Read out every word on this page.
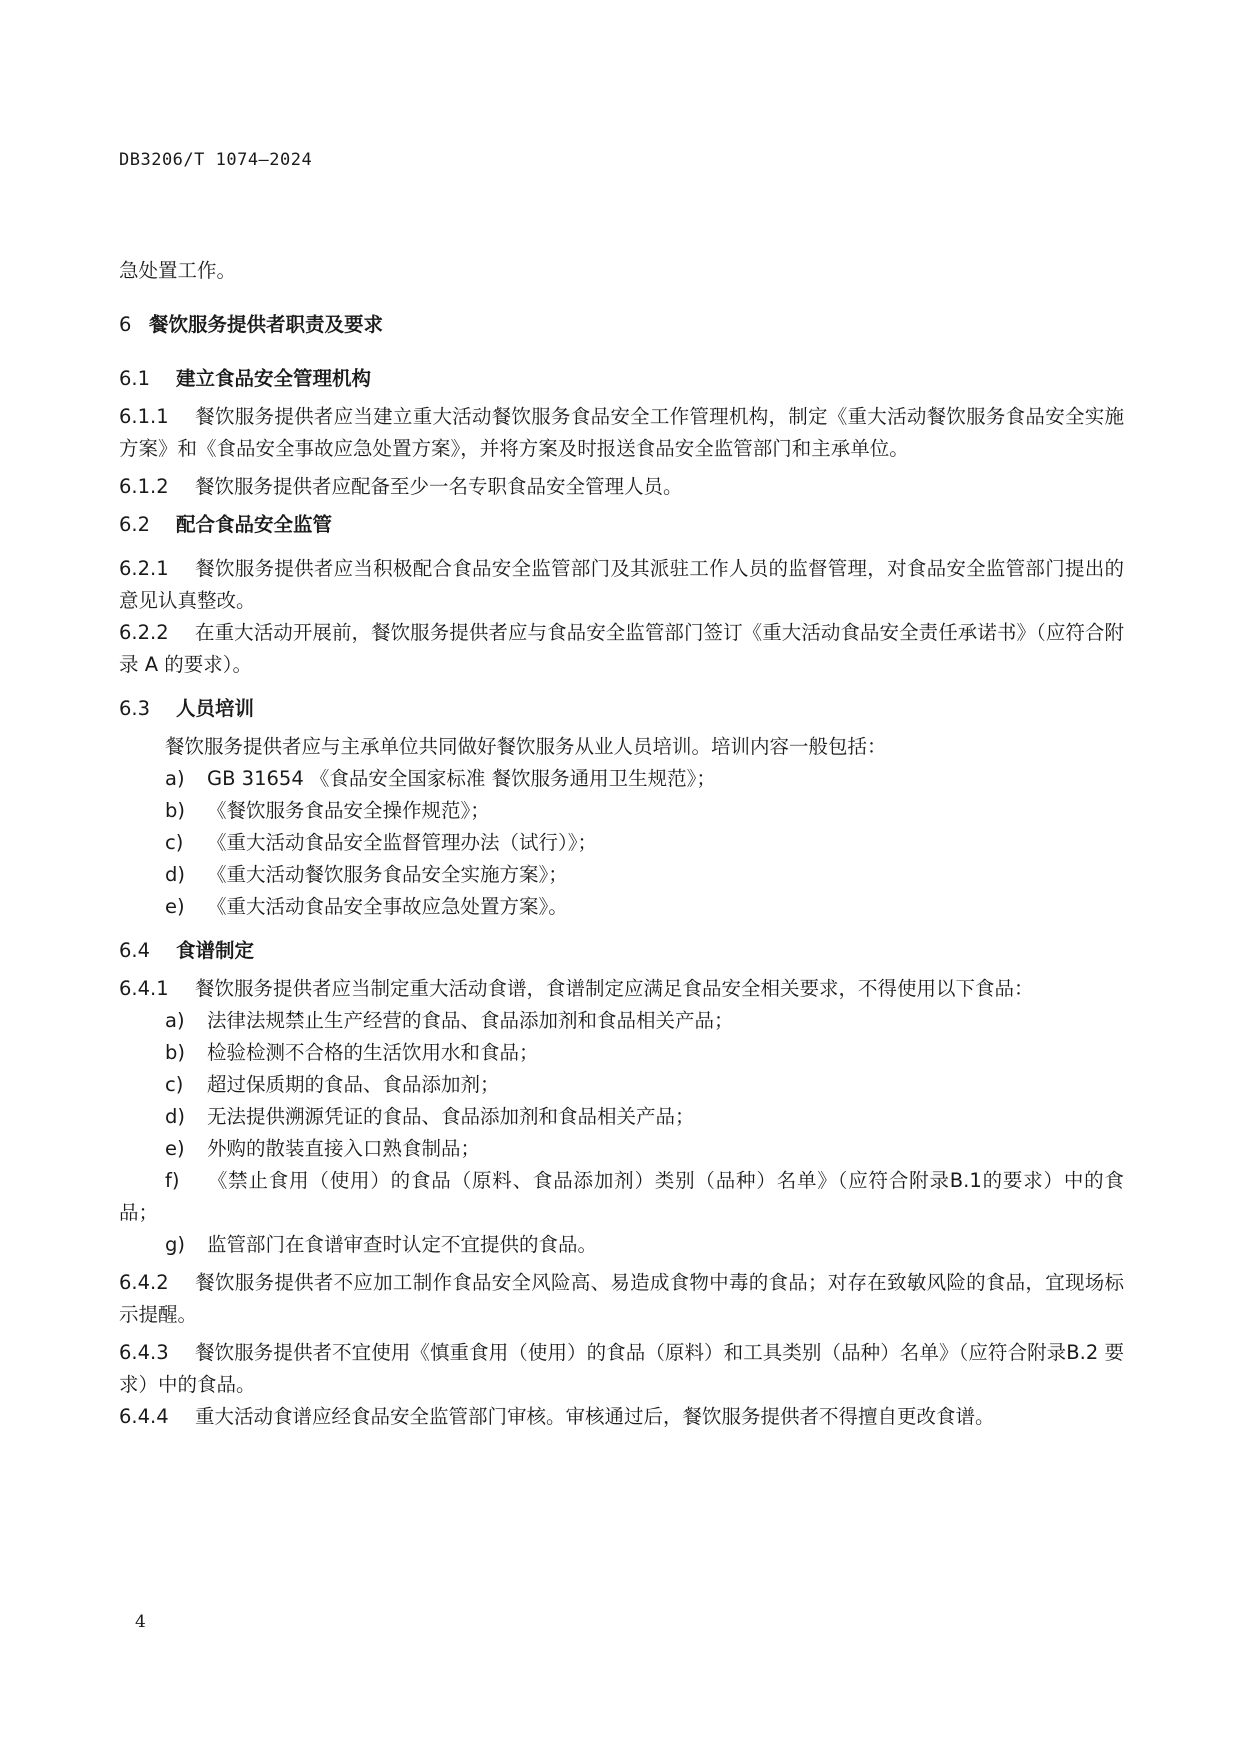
DB3206/T 1074—2024

急处置工作。

6 餐饮服务提供者职责及要求

6.1 建立食品安全管理机构

6.1.1 餐饮服务提供者应当建立重大活动餐饮服务食品安全工作管理机构，制定《重大活动餐饮服务食品安全实施方案》和《食品安全事故应急处置方案》，并将方案及时报送食品安全监管部门和主承单位。

6.1.2 餐饮服务提供者应配备至少一名专职食品安全管理人员。

6.2 配合食品安全监管

6.2.1 餐饮服务提供者应当积极配合食品安全监管部门及其派驻工作人员的监督管理，对食品安全监管部门提出的意见认真整改。

6.2.2 在重大活动开展前，餐饮服务提供者应与食品安全监管部门签订《重大活动食品安全责任承诺书》（应符合附录 A 的要求）。

6.3 人员培训

餐饮服务提供者应与主承单位共同做好餐饮服务从业人员培训。培训内容一般包括：

a) GB 31654 《食品安全国家标准 餐饮服务通用卫生规范》；

b) 《餐饮服务食品安全操作规范》；

c) 《重大活动食品安全监督管理办法（试行）》；

d) 《重大活动餐饮服务食品安全实施方案》；

e) 《重大活动食品安全事故应急处置方案》。

6.4 食谱制定

6.4.1 餐饮服务提供者应当制定重大活动食谱，食谱制定应满足食品安全相关要求，不得使用以下食品：

a) 法律法规禁止生产经营的食品、食品添加剂和食品相关产品；

b) 检验检测不合格的生活饮用水和食品；

c) 超过保质期的食品、食品添加剂；

d) 无法提供溯源凭证的食品、食品添加剂和食品相关产品；

e) 外购的散装直接入口熟食制品；

f) 《禁止食用（使用）的食品（原料、食品添加剂）类别（品种）名单》（应符合附录B.1的要求）中的食品；

g) 监管部门在食谱审查时认定不宜提供的食品。

6.4.2 餐饮服务提供者不应加工制作食品安全风险高、易造成食物中毒的食品；对存在致敏风险的食品，宜现场标示提醒。

6.4.3 餐饮服务提供者不宜使用《慎重食用（使用）的食品（原料）和工具类别（品种）名单》（应符合附录B.2 要求）中的食品。

6.4.4 重大活动食谱应经食品安全监管部门审核。审核通过后，餐饮服务提供者不得擅自更改食谱。

4
